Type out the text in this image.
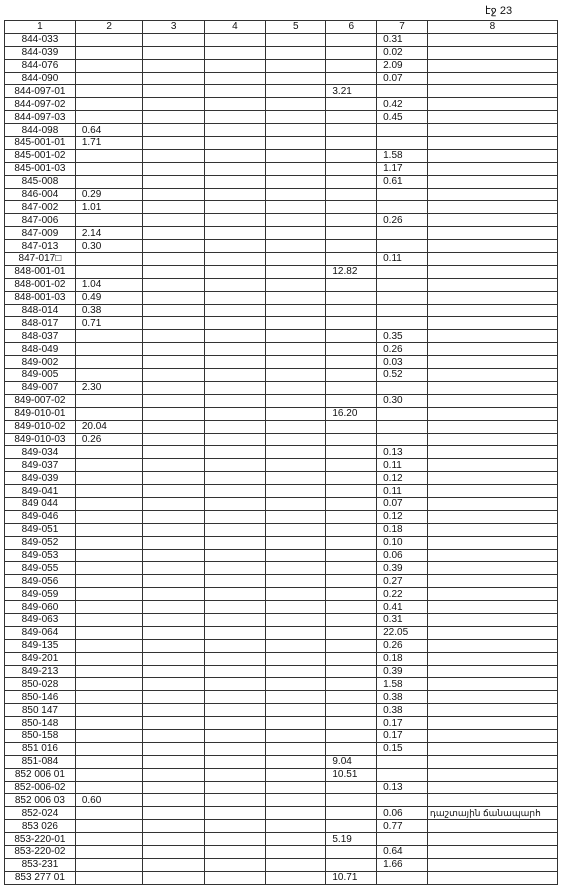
էջ 23
1	2	3	4	5	6	7	8
844-033						0.31	
844-039						0.02	
844-076						2.09	
844-090						0.07	
844-097-01					3.21		
844-097-02						0.42	
844-097-03						0.45	
844-098	0.64						
845-001-01	1.71						
845-001-02						1.58	
845-001-03						1.17	
845-008						0.61	
846-004	0.29						
847-002	1.01						
847-006						0.26	
847-009	2.14						
847-013	0.30						
847-017□						0.11	
848-001-01					12.82		
848-001-02	1.04						
848-001-03	0.49						
848-014	0.38						
848-017	0.71						
848-037						0.35	
848-049						0.26	
849-002						0.03	
849-005						0.52	
849-007	2.30						
849-007-02						0.30	
849-010-01					16.20		
849-010-02	20.04						
849-010-03	0.26						
849-034						0.13	
849-037						0.11	
849-039						0.12	
849-041						0.11	
849 044						0.07	
849-046						0.12	
849-051						0.18	
849-052						0.10	
849-053						0.06	
849-055						0.39	
849-056						0.27	
849-059						0.22	
849-060						0.41	
849-063						0.31	
849-064						22.05	
849-135						0.26	
849-201						0.18	
849-213						0.39	
850-028						1.58	
850-146						0.38	
850 147						0.38	
850-148						0.17	
850-158						0.17	
851 016						0.15	
851-084					9.04		
852 006 01					10.51		
852-006-02						0.13	
852 006 03	0.60						
852-024						0.06	դաշտային ճանապարհ
853 026						0.77	
853-220-01					5.19		
853-220-02						0.64	
853-231						1.66	
853 277 01					10.71		
